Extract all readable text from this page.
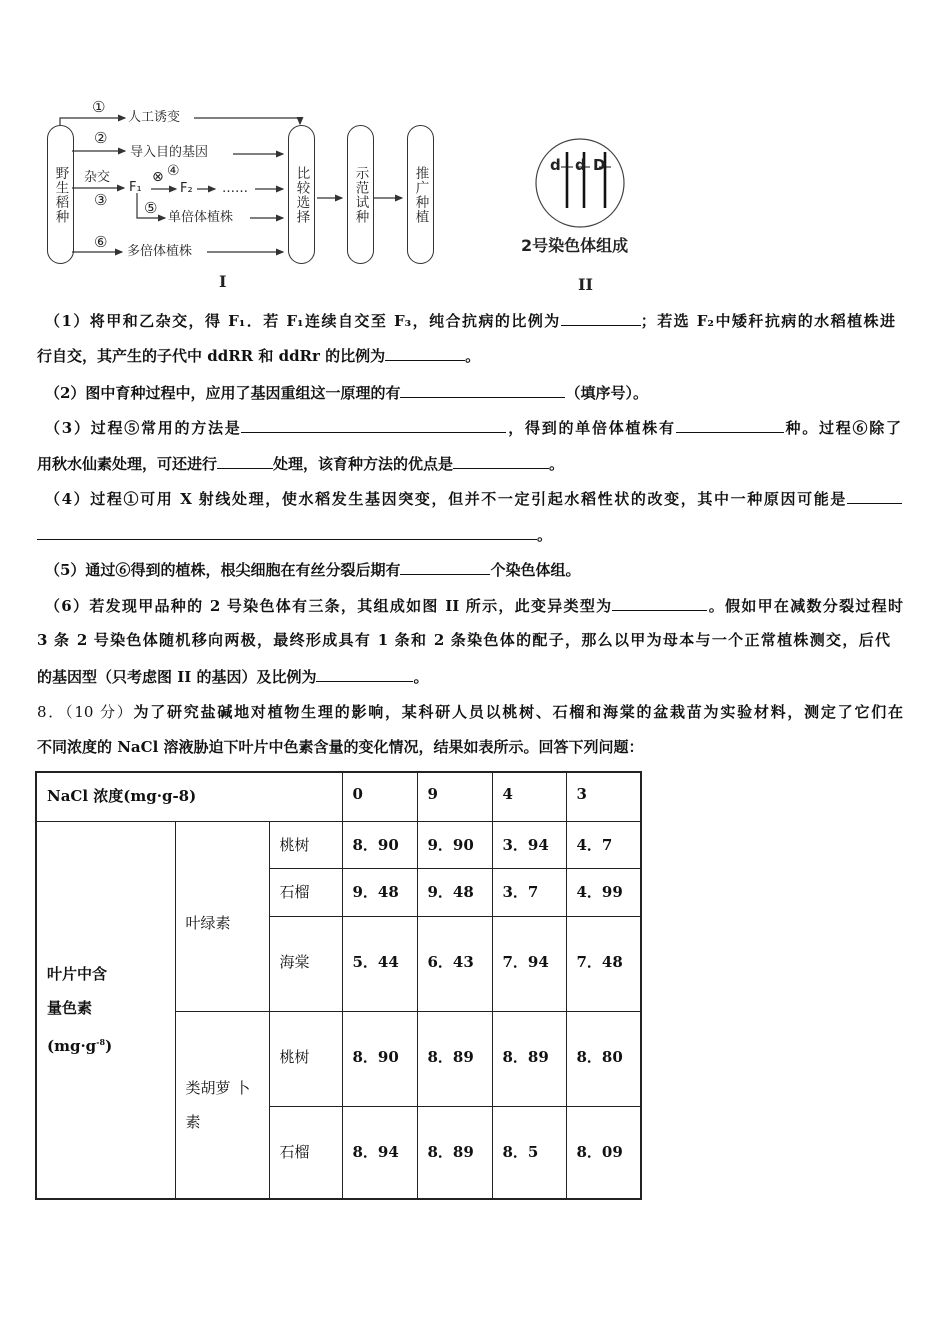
野生稻种	比较选择	示范试种	推广种植
①
人工诱变
②
导入目的基因
杂交
F₁
⊗ ④
F₂ ……
③ ⑤
单倍体植株
⑥
多倍体植株
I
d d D
2号染色体组成
II
（1）将甲和乙杂交，得 F₁．若 F₁连续自交至 F₃，纯合抗病的比例为	；若选 F₂中矮秆抗病的水稻植株进
行自交，其产生的子代中 ddRR 和 ddRr 的比例为	。
（2）图中育种过程中，应用了基因重组这一原理的有	（填序号）。
（3）过程⑤常用的方法是	，得到的单倍体植株有	种。过程⑥除了
用秋水仙素处理，可还进行	处理，该育种方法的优点是	。
（4）过程①可用 X 射线处理，使水稻发生基因突变，但并不一定引起水稻性状的改变，其中一种原因可能是
。
（5）通过⑥得到的植株，根尖细胞在有丝分裂后期有	个染色体组。
（6）若发现甲品种的 2 号染色体有三条，其组成如图 II 所示，此变异类型为	。假如甲在减数分裂过程时
3 条 2 号染色体随机移向两极，最终形成具有 1 条和 2 条染色体的配子，那么以甲为母本与一个正常植株测交，后代
的基因型（只考虑图 II 的基因）及比例为	。
8．（10 分）为了研究盐碱地对植物生理的影响，某科研人员以桃树、石榴和海棠的盆栽苗为实验材料，测定了它们在
不同浓度的 NaCl 溶液胁迫下叶片中色素含量的变化情况，结果如表所示。回答下列问题：
NaCl 浓度(mg·g-8)			0	9	4	3

叶片中含
量色素
$(mg\cdot g^{-8})$	叶绿素	桃树	8．90	9．90	3．94	4．7
		石榴	9．48	9．48	3．7	4．99
		海棠	5．44	6．43	7．94	7．48

	类胡萝 卜
素	桃树	8．90	8．89	8．89	8．80
		石榴	8．94	8．89	8．5	8．09
